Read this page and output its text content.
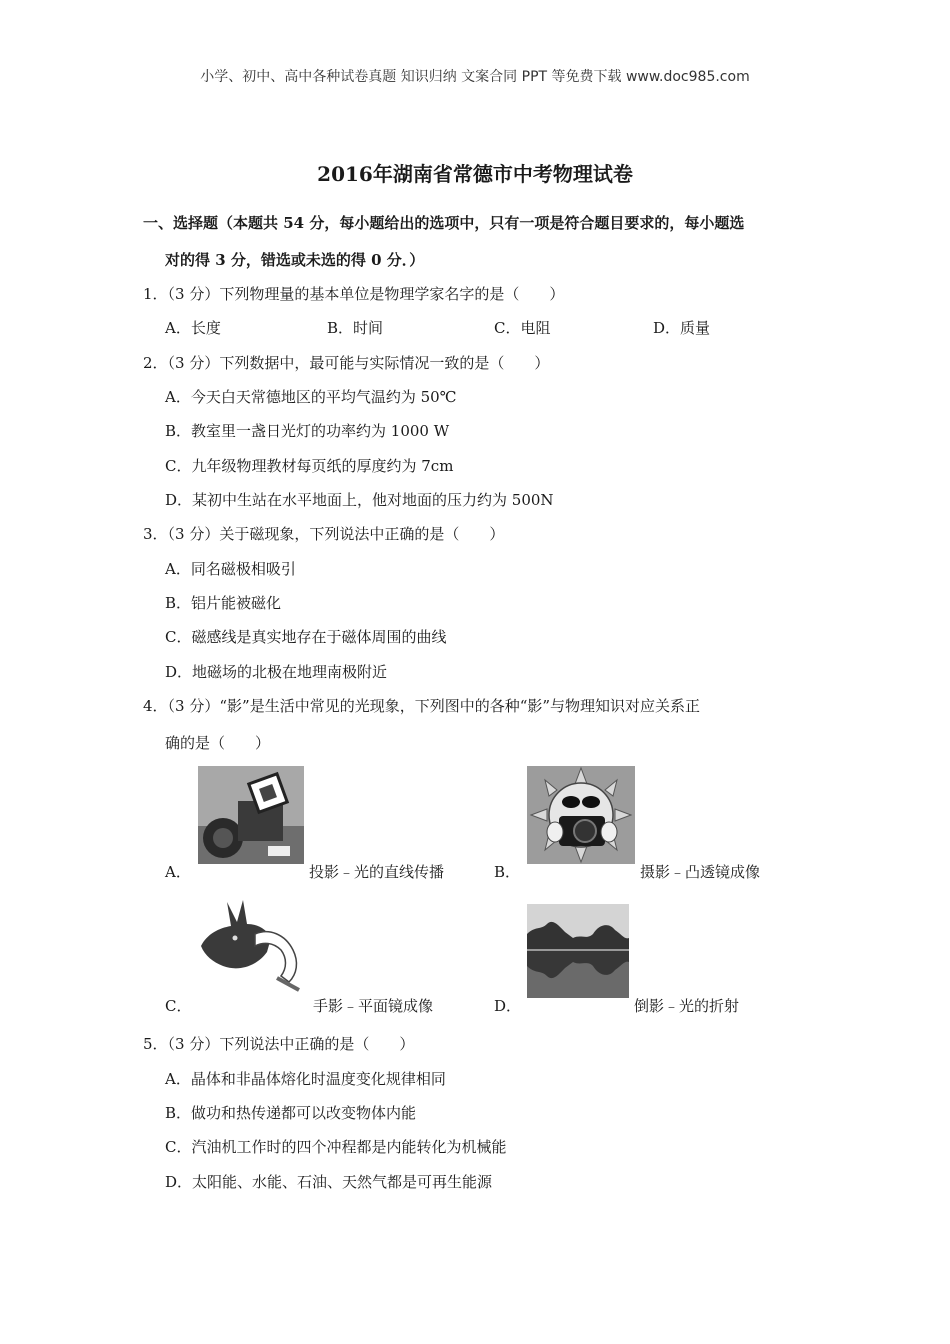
小学、初中、高中各种试卷真题 知识归纳 文案合同 PPT 等免费下载 www.doc985.com
2016年湖南省常德市中考物理试卷
一、选择题（本题共 54 分，每小题给出的选项中，只有一项是符合题目要求的，每小题选
对的得 3 分，错选或未选的得 0 分．）
1．（3 分）下列物理量的基本单位是物理学家名字的是（　　）
A．长度	B．时间	C．电阻	D．质量
2．（3 分）下列数据中，最可能与实际情况一致的是（　　）
A．今天白天常德地区的平均气温约为 50℃
B．教室里一盏日光灯的功率约为 1000 W
C．九年级物理教材每页纸的厚度约为 7cm
D．某初中生站在水平地面上，他对地面的压力约为 500N
3．（3 分）关于磁现象，下列说法中正确的是（　　）
A．同名磁极相吸引
B．铝片能被磁化
C．磁感线是真实地存在于磁体周围的曲线
D．地磁场的北极在地理南极附近
4．（3 分）“影”是生活中常见的光现象，下列图中的各种“影”与物理知识对应关系正
确的是（　　）
A．	投影﹣光的直线传播	B．	摄影﹣凸透镜成像
C．	手影﹣平面镜成像	D．	倒影﹣光的折射
5．（3 分）下列说法中正确的是（　　）
A．晶体和非晶体熔化时温度变化规律相同
B．做功和热传递都可以改变物体内能
C．汽油机工作时的四个冲程都是内能转化为机械能
D．太阳能、水能、石油、天然气都是可再生能源
